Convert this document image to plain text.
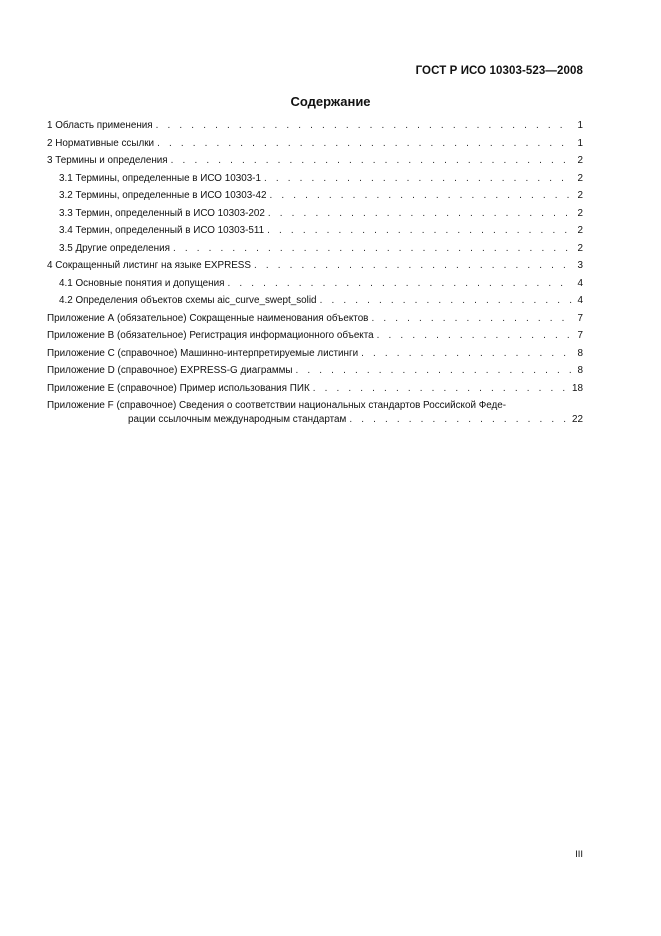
ГОСТ Р ИСО 10303-523—2008
Содержание
1 Область применения . . .	1
2 Нормативные ссылки . . .	1
3 Термины и определения . . .	2
3.1 Термины, определенные в ИСО 10303-1 . . .	2
3.2 Термины, определенные в ИСО 10303-42 . . .	2
3.3 Термин, определенный в ИСО 10303-202 . . .	2
3.4 Термин, определенный в ИСО 10303-511 . . .	2
3.5 Другие определения . . .	2
4 Сокращенный листинг на языке EXPRESS . . .	3
4.1 Основные понятия и допущения . . .	4
4.2 Определения объектов схемы aic_curve_swept_solid . . .	4
Приложение А (обязательное) Сокращенные наименования объектов . . .	7
Приложение В (обязательное) Регистрация информационного объекта . . .	7
Приложение С (справочное) Машинно-интерпретируемые листинги . . .	8
Приложение D (справочное) EXPRESS-G диаграммы . . .	8
Приложение Е (справочное) Пример использования ПИК . . .	18
Приложение F (справочное) Сведения о соответствии национальных стандартов Российской Феде-
рации ссылочным международным стандартам . . .	22
III
